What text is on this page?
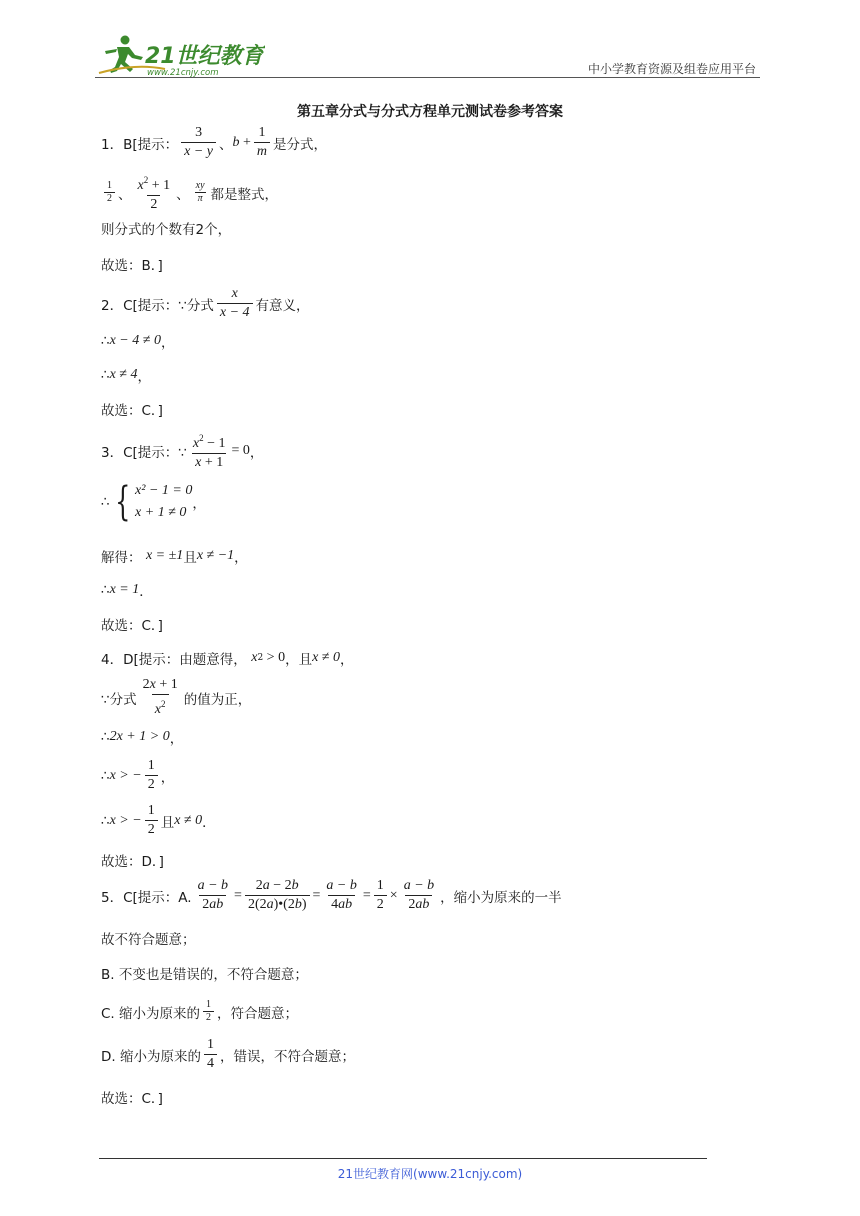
21世纪教育
www.21cnjy.com	中小学教育资源及组卷应用平台
第五章分式与分式方程单元测试卷参考答案
1．B[提示： $\frac{3}{x - y}$ 、 $b + \frac{1}{m}$ 是分式，
$\frac{1}{2}$ 、 $\frac{x^2 + 1}{2}$ 、 $\frac{xy}{\pi}$ 都是整式，
则分式的个数有2个，
故选：B．]
2．C[提示：∵分式 $\frac{x}{x - 4}$ 有意义，
∴ x − 4 ≠ 0 ，
∴ x ≠ 4 ，
故选：C．]
3．C[提示：∵ $\frac{x^2 - 1}{x + 1} = 0$ ，
∴ { x² − 1 = 0
x + 1 ≠ 0
，
解得：
x = ±1 且 x ≠ −1 ，
∴ x = 1 ．
故选：C．]
4．D[提示：由题意得，
x 2 > 0 ，且 x ≠ 0 ，
∵分式 $\frac{2x + 1}{x^2}$ 的值为正，
∴ 2x + 1 > 0 ，
∴ x > − $\frac{1}{2}$ ，
∴ x > − $\frac{1}{2}$ 且 x ≠ 0 ．
故选：D．]
5．C[提示：A. $\frac{a - b}{2ab} = \frac{2a - 2b}{2(2a)•(2b)} = \frac{a - b}{4ab} = \frac{1}{2} \times \frac{a - b}{2ab}$ ，缩小为原来的一半
故不符合题意；
B. 不变也是错误的，不符合题意；
C. 缩小为原来的 $\frac{1}{2}$ ，符合题意；
D. 缩小为原来的 $\frac{1}{4}$ ，错误，不符合题意；
故选：C．]
21世纪教育网(www.21cnjy.com)
